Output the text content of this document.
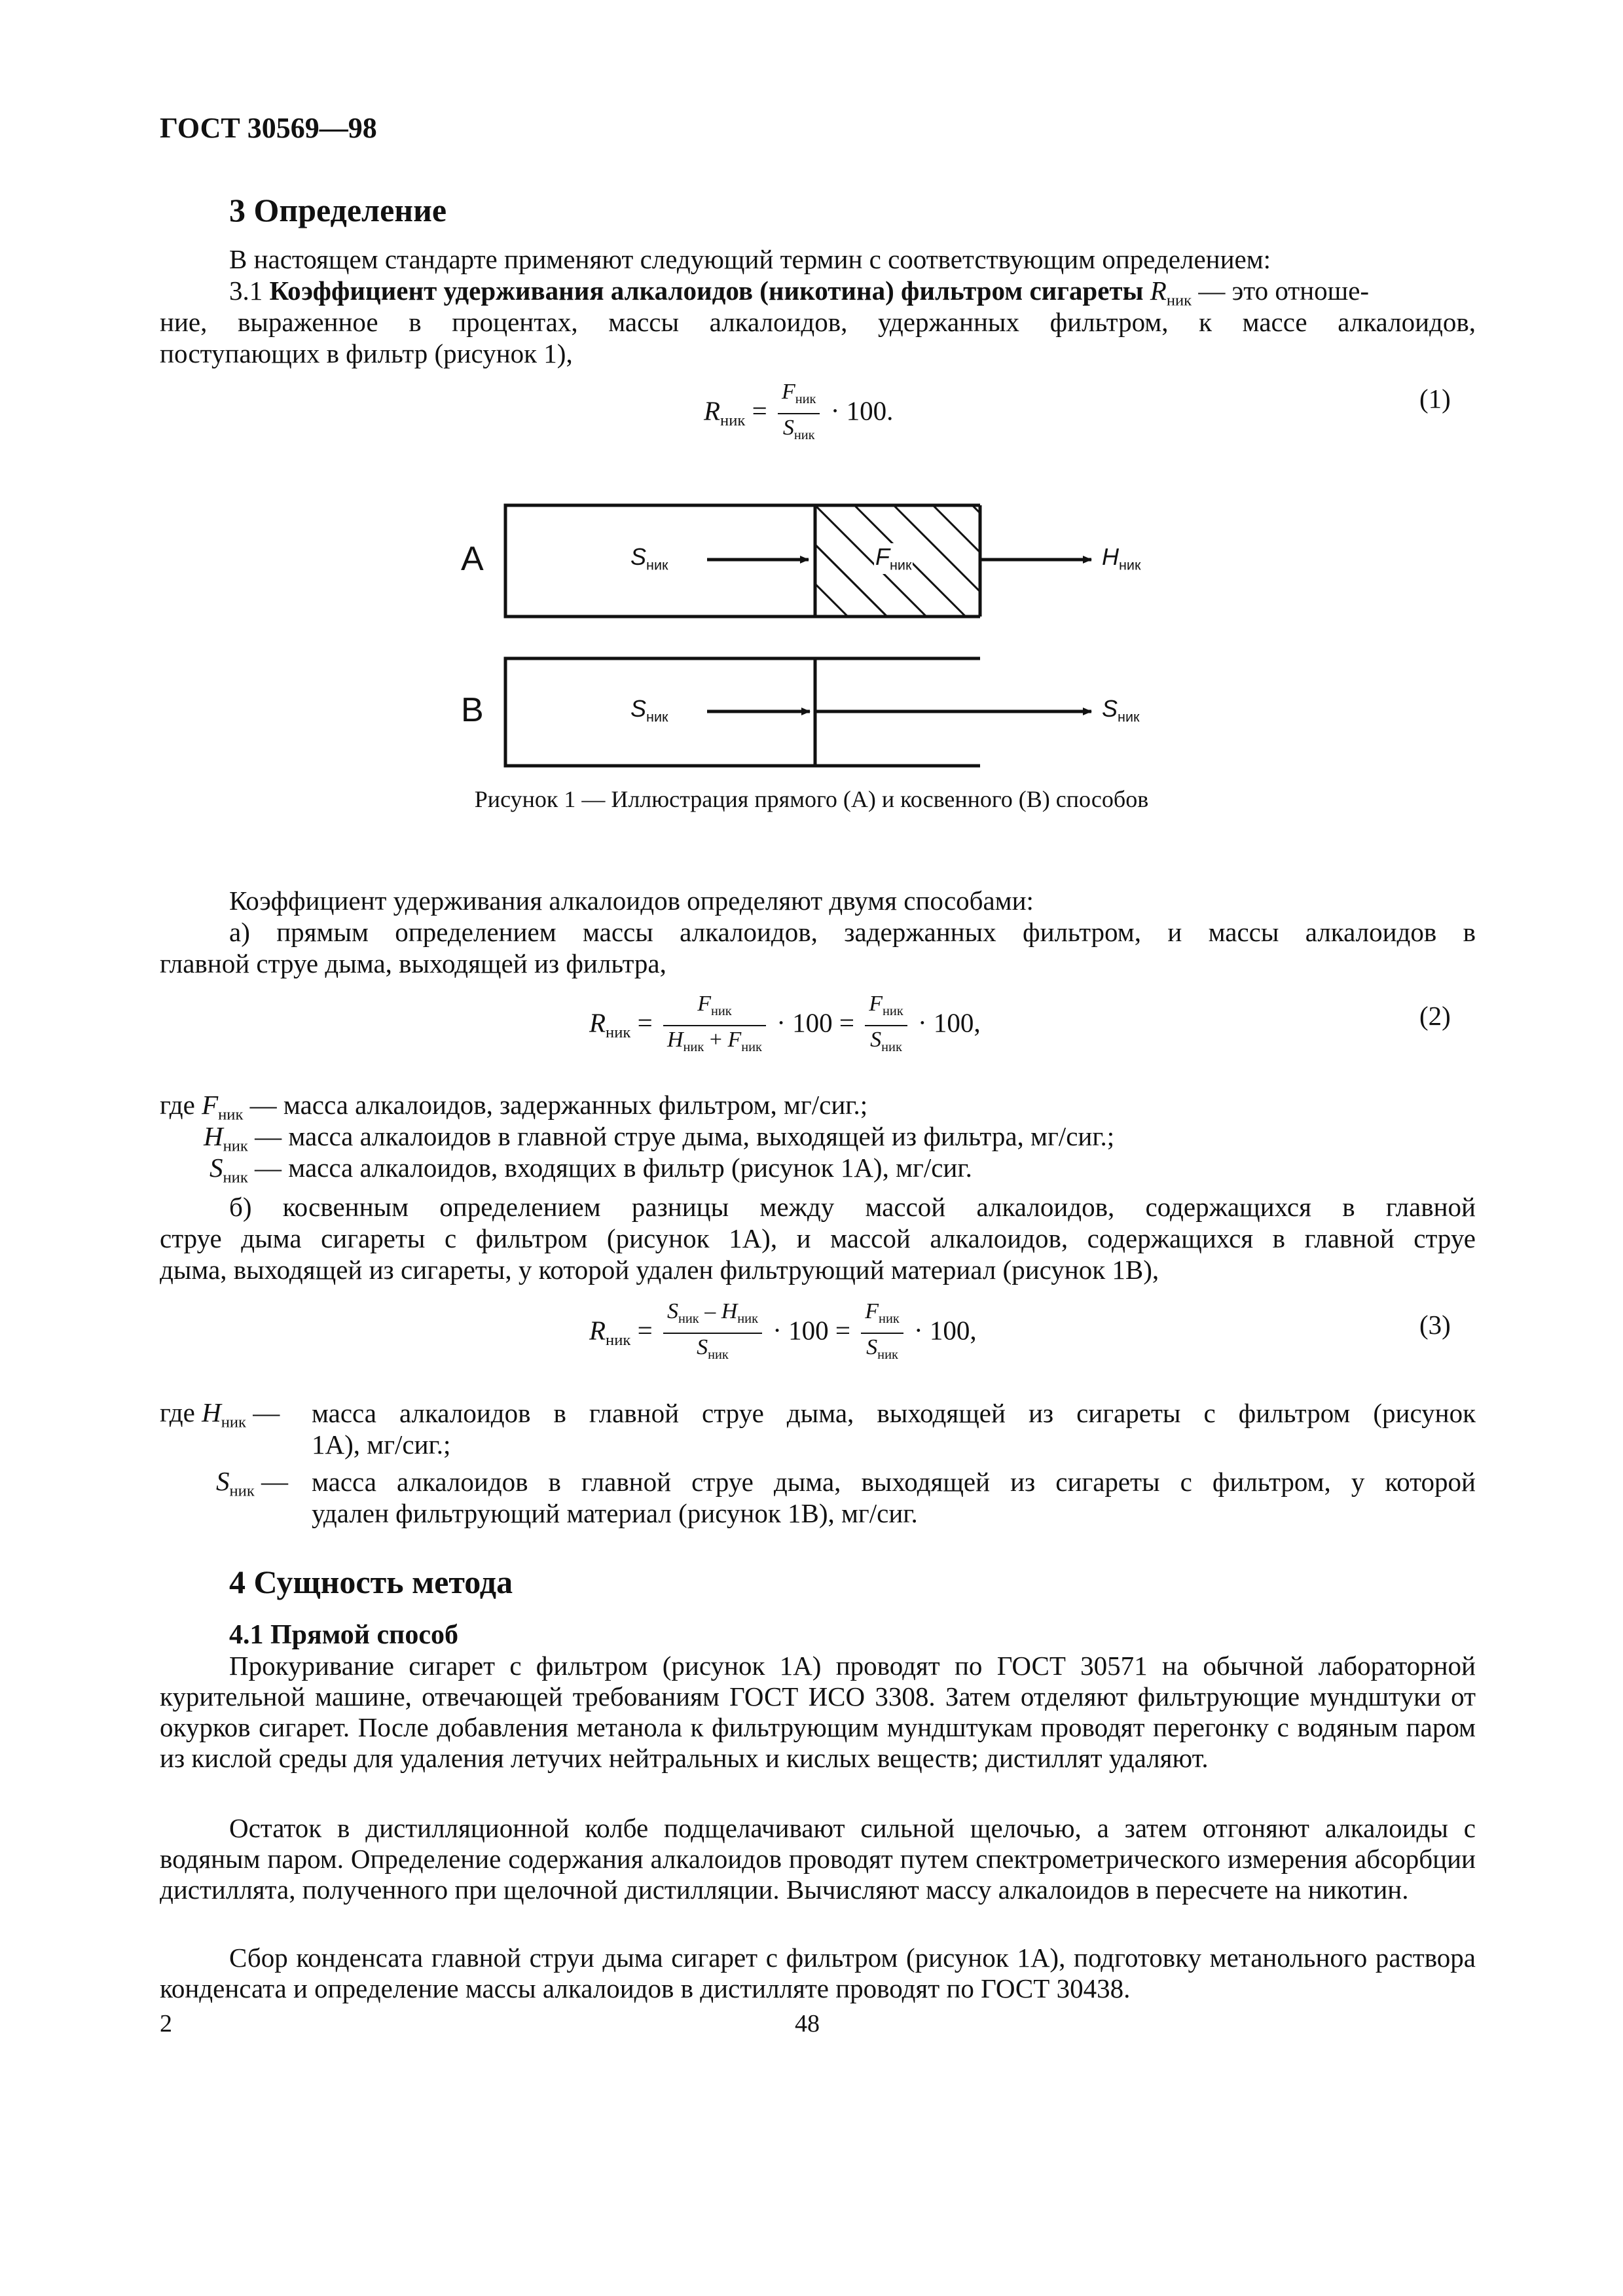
ГОСТ 30569—98
3 Определение
В настоящем стандарте применяют следующий термин с соответствующим определением:
3.1 Коэффициент удерживания алкалоидов (никотина) фильтром сигареты $R_{ник}$ — это отноше-
ние, выраженное в процентах, массы алкалоидов, удержанных фильтром, к массе алкалоидов,
поступающих в фильтр (рисунок 1),
$R_{ник} = \frac{F_{ник}}{S_{ник}} \cdot 100$.	(1)
A
B
$S_{ник}$	$F_{ник}$	$H_{ник}$
$S_{ник}$	$S_{ник}$
Рисунок 1 — Иллюстрация прямого (А) и косвенного (В) способов
Коэффициент удерживания алкалоидов определяют двумя способами:
а) прямым определением массы алкалоидов, задержанных фильтром, и массы алкалоидов в
главной струе дыма, выходящей из фильтра,
$R_{ник} = \frac{F_{ник}}{H_{ник} + F_{ник}} \cdot 100 = \frac{F_{ник}}{S_{ник}} \cdot 100$,	(2)
где $F_{ник}$ — масса алкалоидов, задержанных фильтром, мг/сиг.;
$H_{ник}$ — масса алкалоидов в главной струе дыма, выходящей из фильтра, мг/сиг.;
$S_{ник}$ — масса алкалоидов, входящих в фильтр (рисунок 1А), мг/сиг.
б) косвенным определением разницы между массой алкалоидов, содержащихся в главной
струе дыма сигареты с фильтром (рисунок 1А), и массой алкалоидов, содержащихся в главной струе
дыма, выходящей из сигареты, у которой удален фильтрующий материал (рисунок 1В),
$R_{ник} = \frac{S_{ник} - H_{ник}}{S_{ник}} \cdot 100 = \frac{F_{ник}}{S_{ник}} \cdot 100$,	(3)
где $H_{ник}$ — масса алкалоидов в главной струе дыма, выходящей из сигареты с фильтром (рисунок
1А), мг/сиг.;
$S_{ник}$ — масса алкалоидов в главной струе дыма, выходящей из сигареты с фильтром, у которой
удален фильтрующий материал (рисунок 1В), мг/сиг.
4 Сущность метода
4.1 Прямой способ
Прокуривание сигарет с фильтром (рисунок 1А) проводят по ГОСТ 30571 на обычной лабораторной курительной машине, отвечающей требованиям ГОСТ ИСО 3308. Затем отделяют фильтрующие мундштуки от окурков сигарет. После добавления метанола к фильтрующим мундштукам проводят перегонку с водяным паром из кислой среды для удаления летучих нейтральных и кислых веществ; дистиллят удаляют.
Остаток в дистилляционной колбе подщелачивают сильной щелочью, а затем отгоняют алкалоиды с водяным паром. Определение содержания алкалоидов проводят путем спектрометрического измерения абсорбции дистиллята, полученного при щелочной дистилляции. Вычисляют массу алкалоидов в пересчете на никотин.
Сбор конденсата главной струи дыма сигарет с фильтром (рисунок 1А), подготовку метанольного раствора конденсата и определение массы алкалоидов в дистилляте проводят по ГОСТ 30438.
2	48
